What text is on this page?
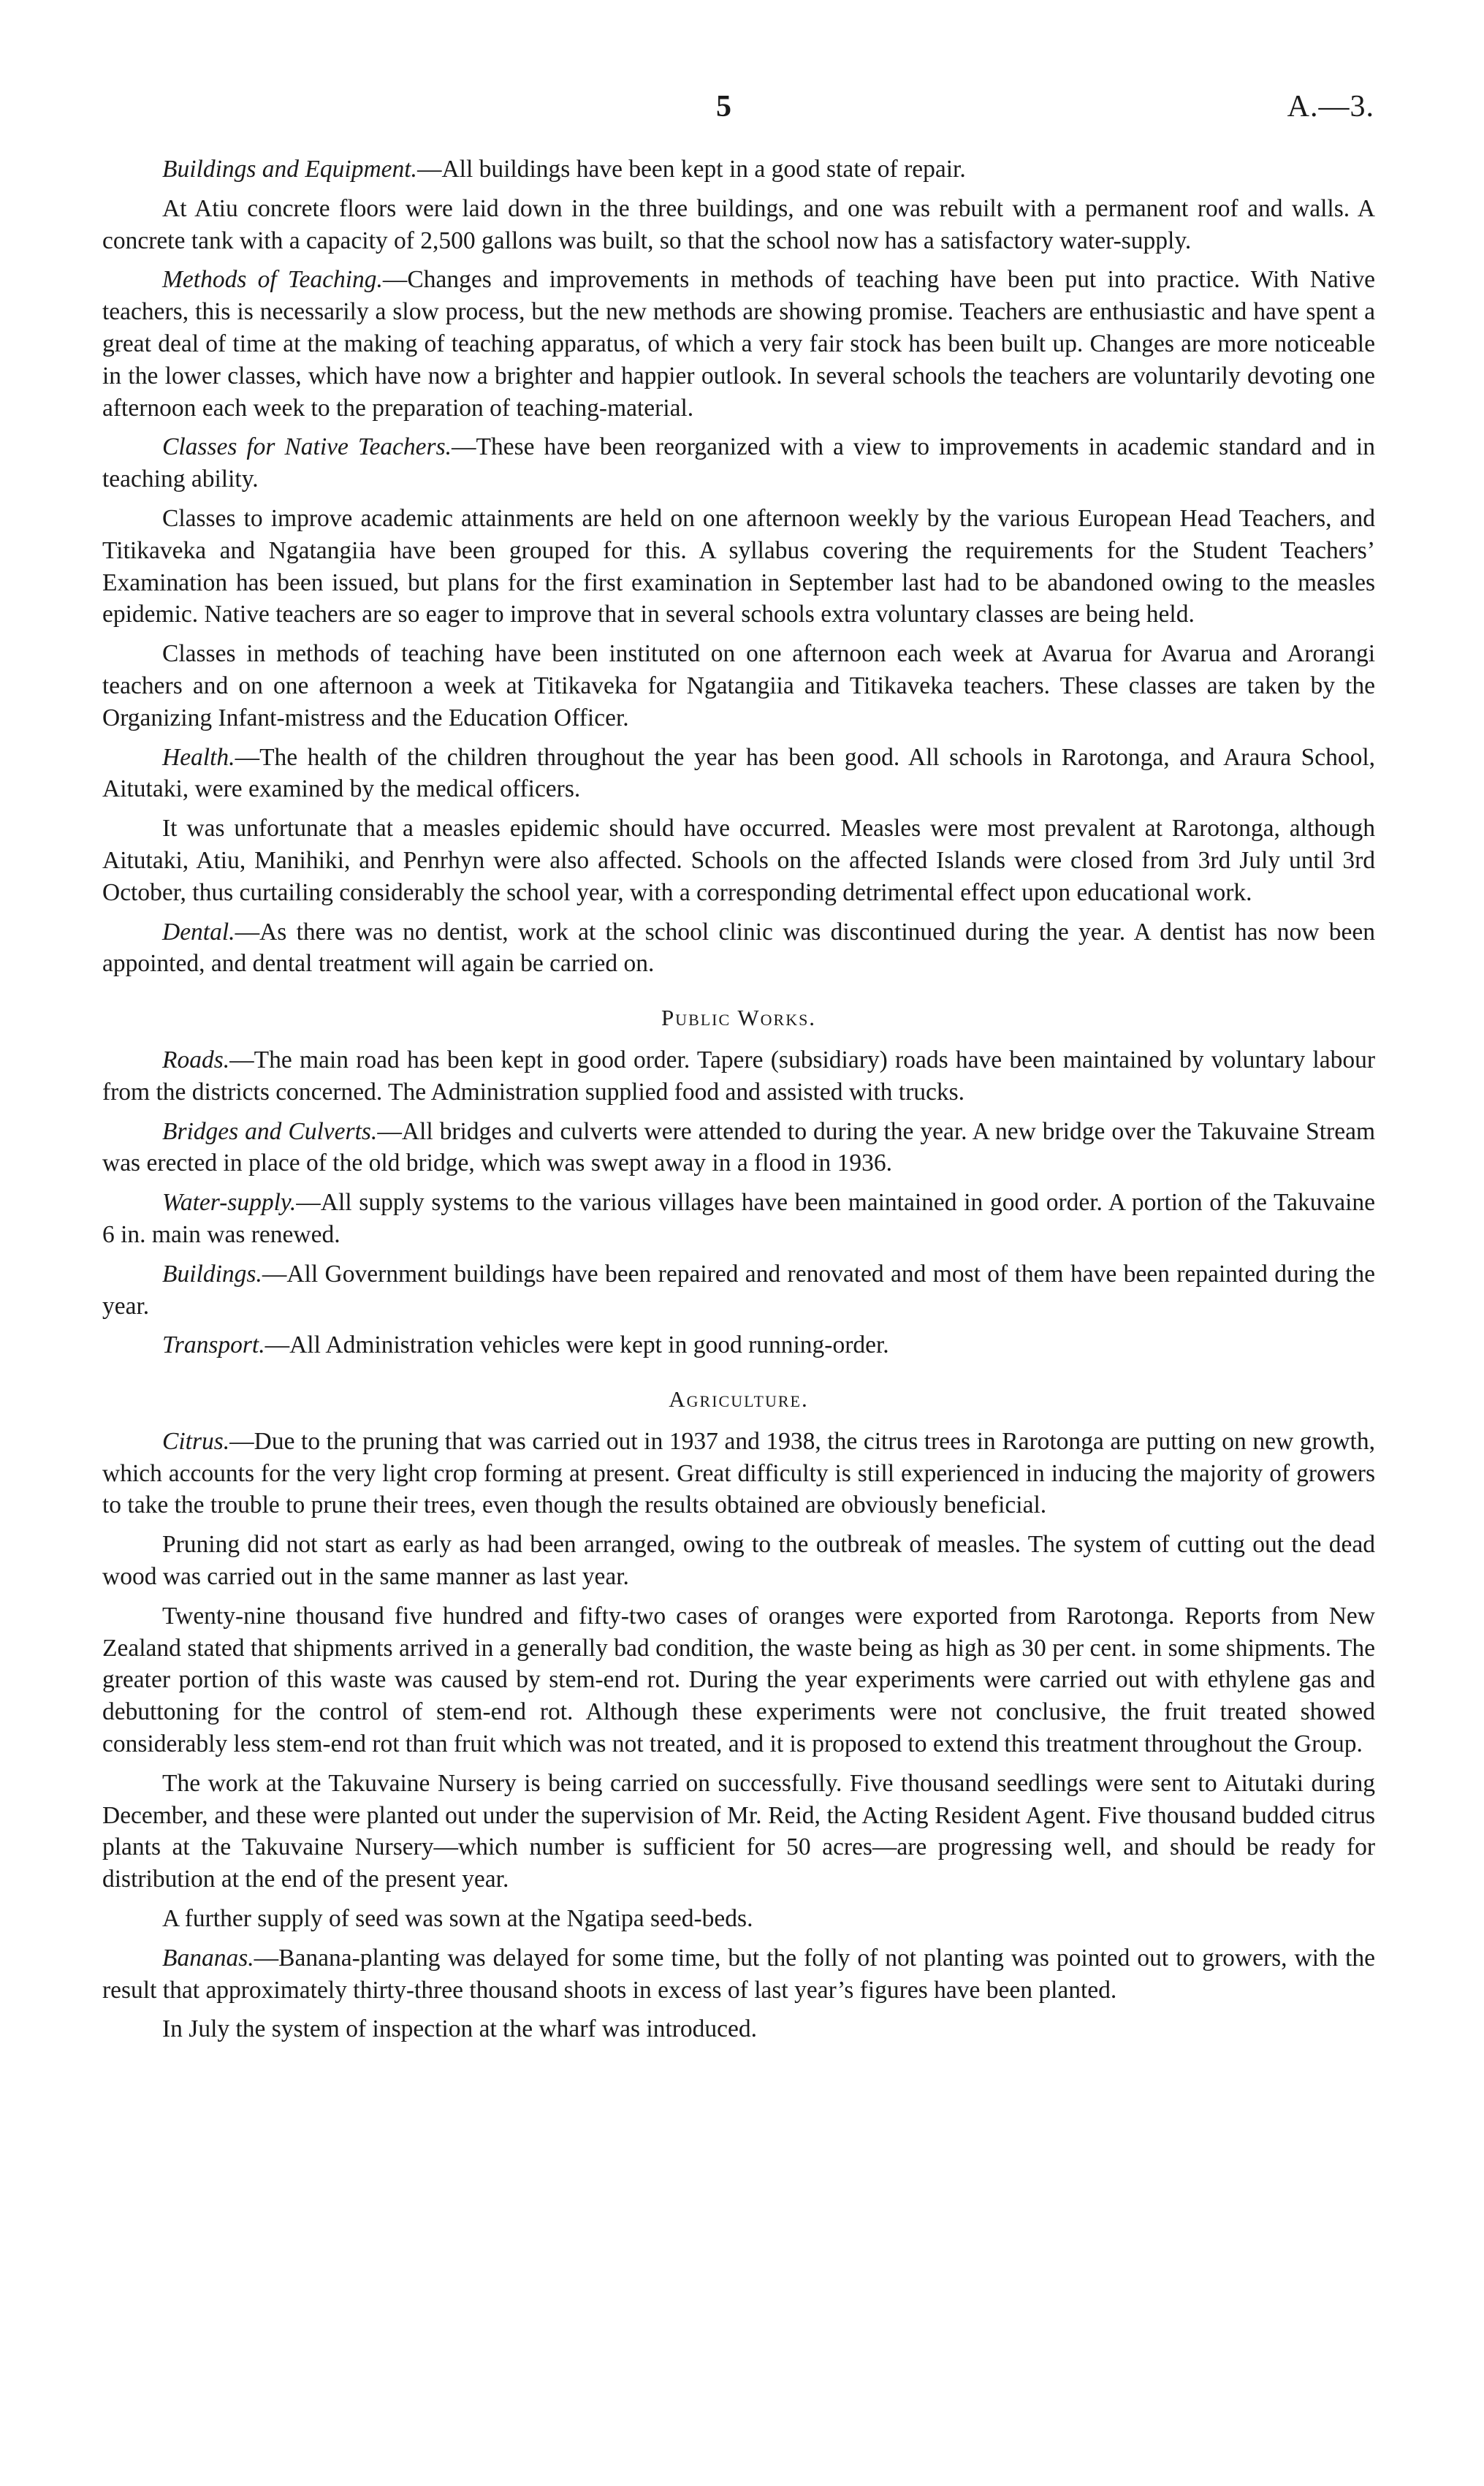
5	A.—3.

Buildings and Equipment.—All buildings have been kept in a good state of repair.

At Atiu concrete floors were laid down in the three buildings, and one was rebuilt with a permanent roof and walls. A concrete tank with a capacity of 2,500 gallons was built, so that the school now has a satisfactory water-supply.

Methods of Teaching.—Changes and improvements in methods of teaching have been put into practice. With Native teachers, this is necessarily a slow process, but the new methods are showing promise. Teachers are enthusiastic and have spent a great deal of time at the making of teaching apparatus, of which a very fair stock has been built up. Changes are more noticeable in the lower classes, which have now a brighter and happier outlook. In several schools the teachers are voluntarily devoting one afternoon each week to the preparation of teaching-material.

Classes for Native Teachers.—These have been reorganized with a view to improvements in academic standard and in teaching ability.

Classes to improve academic attainments are held on one afternoon weekly by the various European Head Teachers, and Titikaveka and Ngatangiia have been grouped for this. A syllabus covering the requirements for the Student Teachers’ Examination has been issued, but plans for the first examination in September last had to be abandoned owing to the measles epidemic. Native teachers are so eager to improve that in several schools extra voluntary classes are being held.

Classes in methods of teaching have been instituted on one afternoon each week at Avarua for Avarua and Arorangi teachers and on one afternoon a week at Titikaveka for Ngatangiia and Titikaveka teachers. These classes are taken by the Organizing Infant-mistress and the Education Officer.

Health.—The health of the children throughout the year has been good. All schools in Rarotonga, and Araura School, Aitutaki, were examined by the medical officers.

It was unfortunate that a measles epidemic should have occurred. Measles were most prevalent at Rarotonga, although Aitutaki, Atiu, Manihiki, and Penrhyn were also affected. Schools on the affected Islands were closed from 3rd July until 3rd October, thus curtailing considerably the school year, with a corresponding detrimental effect upon educational work.

Dental.—As there was no dentist, work at the school clinic was discontinued during the year. A dentist has now been appointed, and dental treatment will again be carried on.

Public Works.

Roads.—The main road has been kept in good order. Tapere (subsidiary) roads have been maintained by voluntary labour from the districts concerned. The Administration supplied food and assisted with trucks.

Bridges and Culverts.—All bridges and culverts were attended to during the year. A new bridge over the Takuvaine Stream was erected in place of the old bridge, which was swept away in a flood in 1936.

Water-supply.—All supply systems to the various villages have been maintained in good order. A portion of the Takuvaine 6 in. main was renewed.

Buildings.—All Government buildings have been repaired and renovated and most of them have been repainted during the year.

Transport.—All Administration vehicles were kept in good running-order.

Agriculture.

Citrus.—Due to the pruning that was carried out in 1937 and 1938, the citrus trees in Rarotonga are putting on new growth, which accounts for the very light crop forming at present. Great difficulty is still experienced in inducing the majority of growers to take the trouble to prune their trees, even though the results obtained are obviously beneficial.

Pruning did not start as early as had been arranged, owing to the outbreak of measles. The system of cutting out the dead wood was carried out in the same manner as last year.

Twenty-nine thousand five hundred and fifty-two cases of oranges were exported from Rarotonga. Reports from New Zealand stated that shipments arrived in a generally bad condition, the waste being as high as 30 per cent. in some shipments. The greater portion of this waste was caused by stem-end rot. During the year experiments were carried out with ethylene gas and debuttoning for the control of stem-end rot. Although these experiments were not conclusive, the fruit treated showed considerably less stem-end rot than fruit which was not treated, and it is proposed to extend this treatment throughout the Group.

The work at the Takuvaine Nursery is being carried on successfully. Five thousand seedlings were sent to Aitutaki during December, and these were planted out under the supervision of Mr. Reid, the Acting Resident Agent. Five thousand budded citrus plants at the Takuvaine Nursery—which number is sufficient for 50 acres—are progressing well, and should be ready for distribution at the end of the present year.

A further supply of seed was sown at the Ngatipa seed-beds.

Bananas.—Banana-planting was delayed for some time, but the folly of not planting was pointed out to growers, with the result that approximately thirty-three thousand shoots in excess of last year’s figures have been planted.

In July the system of inspection at the wharf was introduced.
